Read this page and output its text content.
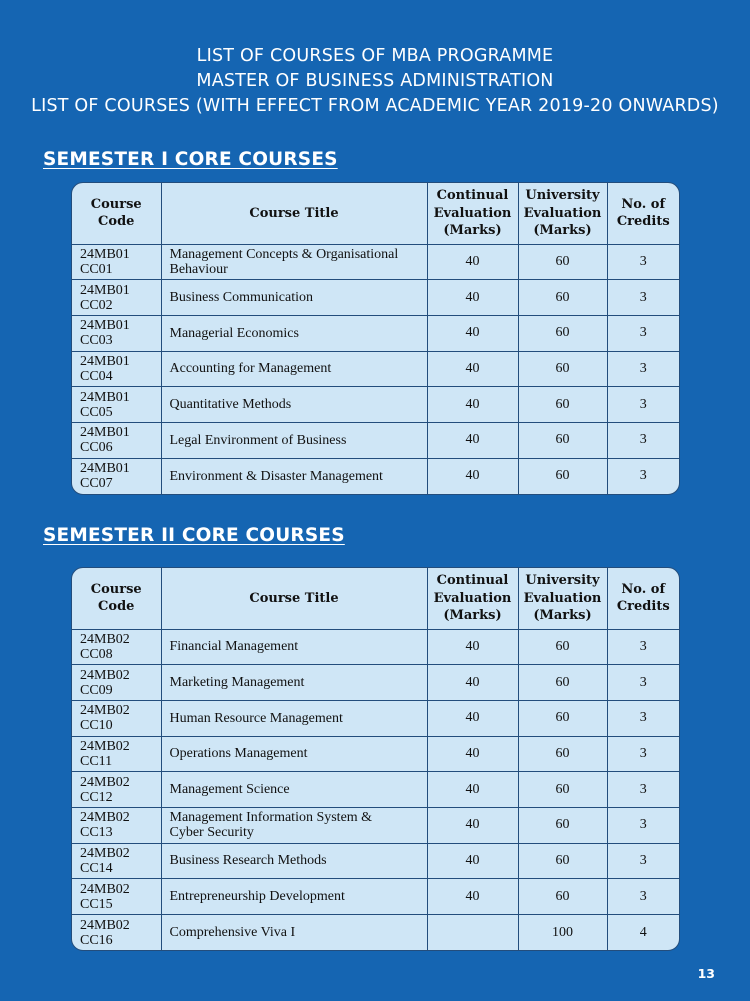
LIST OF COURSES OF MBA PROGRAMME
MASTER OF BUSINESS ADMINISTRATION
LIST OF COURSES (WITH EFFECT FROM ACADEMIC YEAR 2019-20 ONWARDS)
SEMESTER I CORE COURSES
Course
Code	Course Title	Continual
Evaluation
(Marks)	University
Evaluation
(Marks)	No. of
Credits
24MB01
CC01	Management Concepts & Organisational
Behaviour	40	60	3
24MB01
CC02	Business Communication	40	60	3
24MB01
CC03	Managerial Economics	40	60	3
24MB01
CC04	Accounting for Management	40	60	3
24MB01
CC05	Quantitative Methods	40	60	3
24MB01
CC06	Legal Environment of Business	40	60	3
24MB01
CC07	Environment & Disaster Management	40	60	3
SEMESTER II CORE COURSES
Course
Code	Course Title	Continual
Evaluation
(Marks)	University
Evaluation
(Marks)	No. of
Credits
24MB02
CC08	Financial Management	40	60	3
24MB02
CC09	Marketing Management	40	60	3
24MB02
CC10	Human Resource Management	40	60	3
24MB02
CC11	Operations Management	40	60	3
24MB02
CC12	Management Science	40	60	3
24MB02
CC13	Management Information System &
Cyber Security	40	60	3
24MB02
CC14	Business Research Methods	40	60	3
24MB02
CC15	Entrepreneurship Development	40	60	3
24MB02
CC16	Comprehensive Viva I		100	4
13
